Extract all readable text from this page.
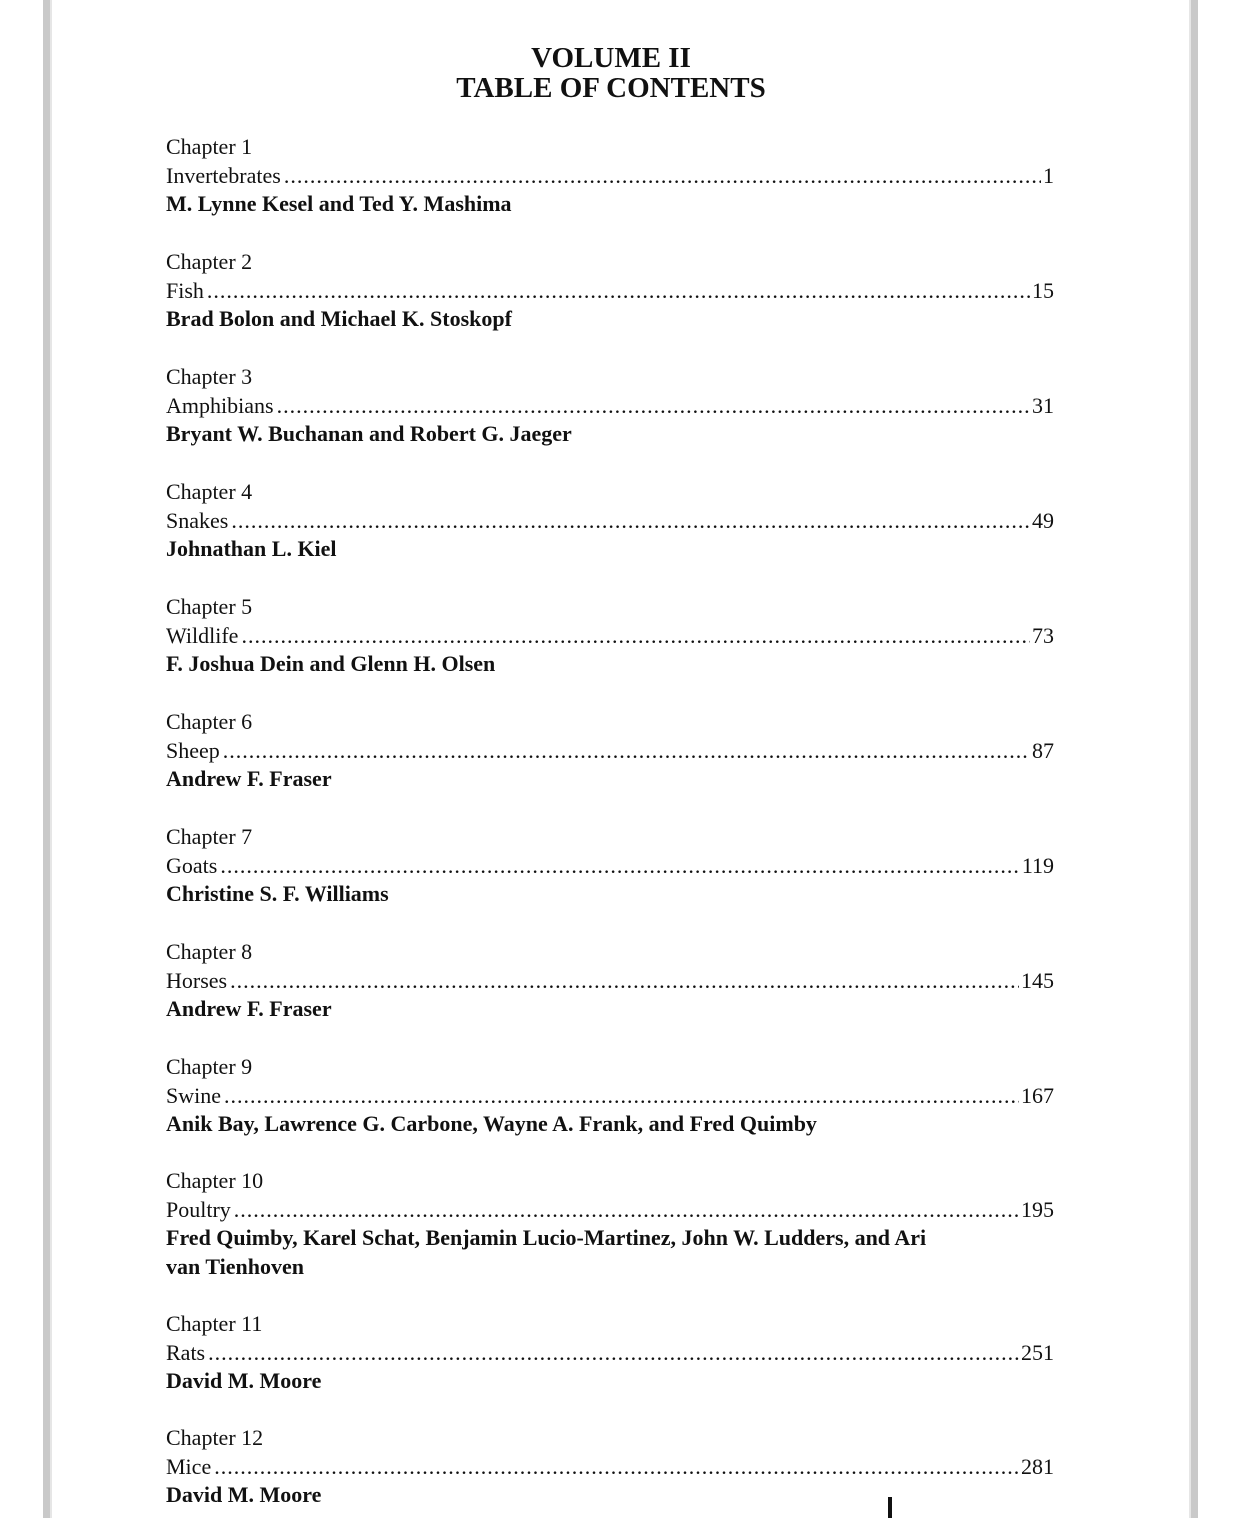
VOLUME II
TABLE OF CONTENTS
Chapter 1
Invertebrates .....	1
M. Lynne Kesel and Ted Y. Mashima
Chapter 2
Fish .....	15
Brad Bolon and Michael K. Stoskopf
Chapter 3
Amphibians .....	31
Bryant W. Buchanan and Robert G. Jaeger
Chapter 4
Snakes .....	49
Johnathan L. Kiel
Chapter 5
Wildlife .....	73
F. Joshua Dein and Glenn H. Olsen
Chapter 6
Sheep .....	87
Andrew F. Fraser
Chapter 7
Goats .....	119
Christine S. F. Williams
Chapter 8
Horses .....	145
Andrew F. Fraser
Chapter 9
Swine .....	167
Anik Bay, Lawrence G. Carbone, Wayne A. Frank, and Fred Quimby
Chapter 10
Poultry .....	195
Fred Quimby, Karel Schat, Benjamin Lucio-Martinez, John W. Ludders, and Ari van Tienhoven
Chapter 11
Rats .....	251
David M. Moore
Chapter 12
Mice .....	281
David M. Moore
